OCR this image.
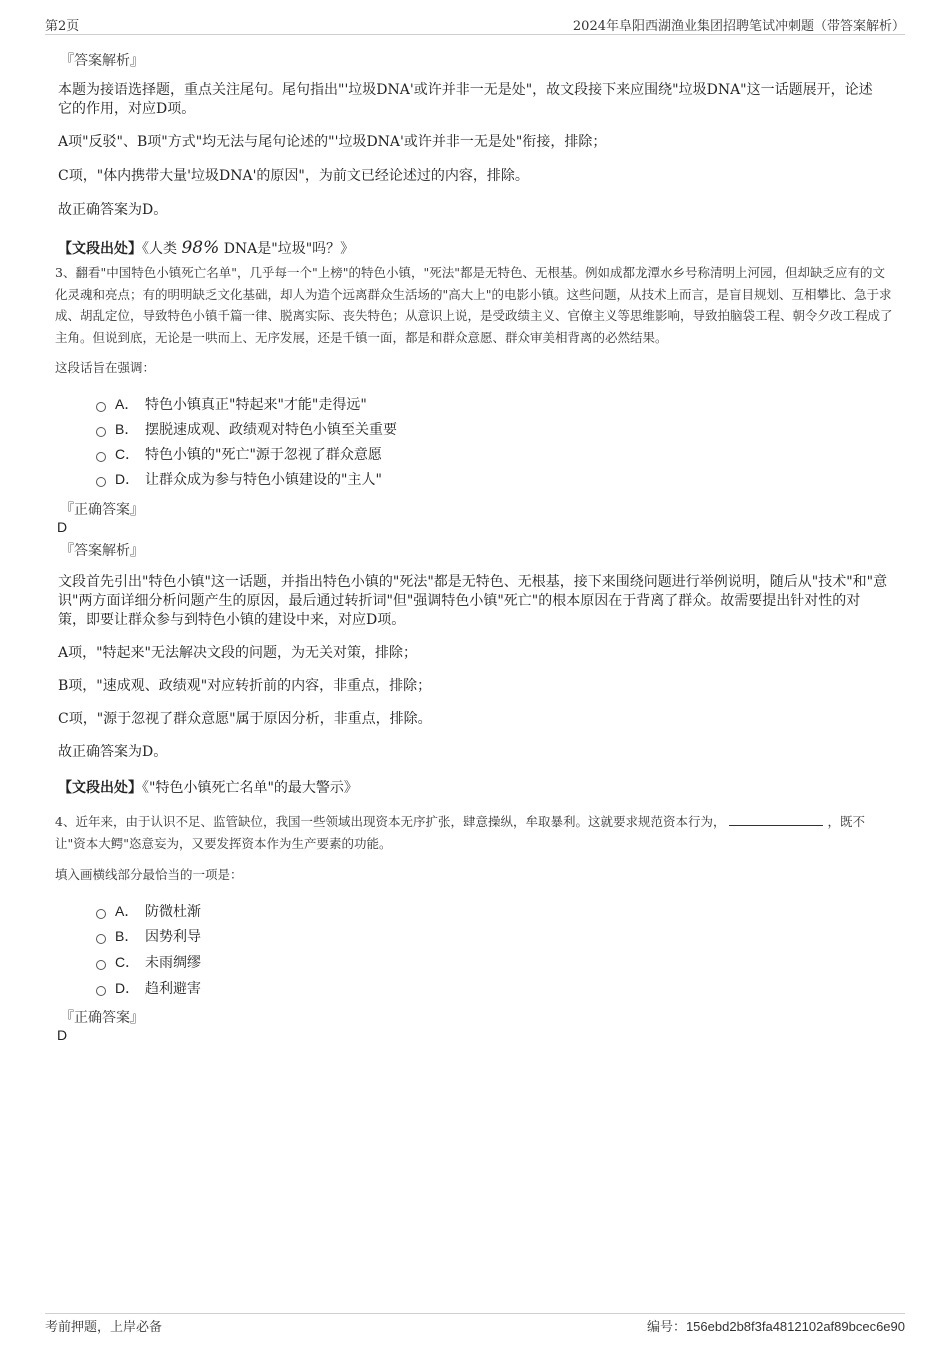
第2页	2024年阜阳西湖渔业集团招聘笔试冲刺题（带答案解析）
『答案解析』
本题为接语选择题，重点关注尾句。尾句指出"'垃圾DNA'或许并非一无是处"，故文段接下来应围绕"垃圾DNA"这一话题展开，论述它的作用，对应D项。
A项"反驳"、B项"方式"均无法与尾句论述的"'垃圾DNA'或许并非一无是处"衔接，排除；
C项，"体内携带大量'垃圾DNA'的原因"，为前文已经论述过的内容，排除。
故正确答案为D。
【文段出处】《人类 98% DNA是"垃圾"吗？》
3、翻看"中国特色小镇死亡名单"，几乎每一个"上榜"的特色小镇，"死法"都是无特色、无根基。例如成都龙潭水乡号称清明上河园，但却缺乏应有的文化灵魂和亮点；有的明明缺乏文化基础，却人为造个远离群众生活场的"高大上"的电影小镇。这些问题，从技术上而言，是盲目规划、互相攀比、急于求成、胡乱定位，导致特色小镇千篇一律、脱离实际、丧失特色；从意识上说，是受政绩主义、官僚主义等思维影响，导致拍脑袋工程、朝令夕改工程成了主角。但说到底，无论是一哄而上、无序发展，还是千镇一面，都是和群众意愿、群众审美相背离的必然结果。
这段话旨在强调：
A． 特色小镇真正"特起来"才能"走得远"
B． 摆脱速成观、政绩观对特色小镇至关重要
C． 特色小镇的"死亡"源于忽视了群众意愿
D． 让群众成为参与特色小镇建设的"主人"
『正确答案』
D
『答案解析』
文段首先引出"特色小镇"这一话题，并指出特色小镇的"死法"都是无特色、无根基，接下来围绕问题进行举例说明，随后从"技术"和"意识"两方面详细分析问题产生的原因，最后通过转折词"但"强调特色小镇"死亡"的根本原因在于背离了群众。故需要提出针对性的对策，即要让群众参与到特色小镇的建设中来，对应D项。
A项，"特起来"无法解决文段的问题，为无关对策，排除；
B项，"速成观、政绩观"对应转折前的内容，非重点，排除；
C项，"源于忽视了群众意愿"属于原因分析，非重点，排除。
故正确答案为D。
【文段出处】《"特色小镇死亡名单"的最大警示》
4、近年来，由于认识不足、监管缺位，我国一些领域出现资本无序扩张，肆意操纵，牟取暴利。这就要求规范资本行为，	，既不让"资本大鳄"恣意妄为，又要发挥资本作为生产要素的功能。
填入画横线部分最恰当的一项是：
A． 防微杜渐
B． 因势利导
C． 未雨绸缪
D． 趋利避害
『正确答案』
D
考前押题，上岸必备	编号：156ebd2b8f3fa4812102af89bcec6e90
